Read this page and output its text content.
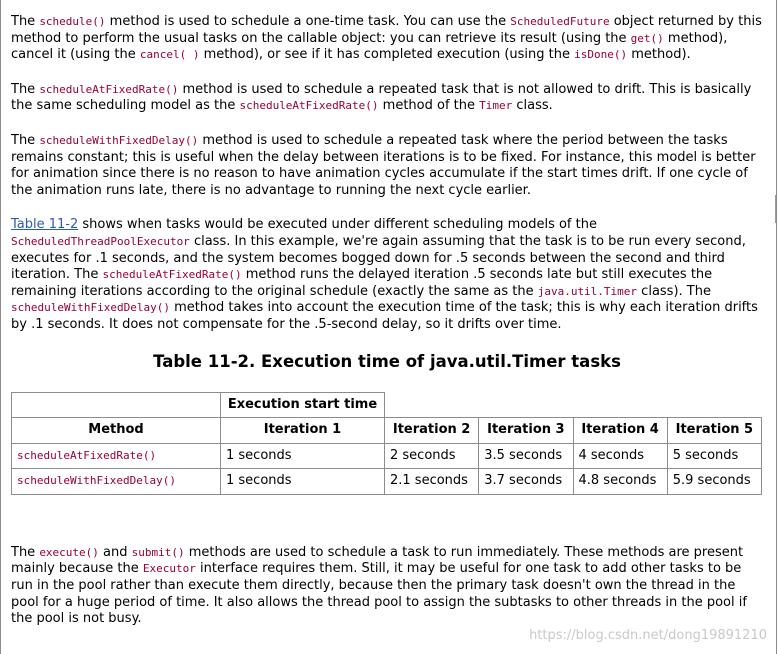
The schedule() method is used to schedule a one-time task. You can use the ScheduledFuture object returned by this method to perform the usual tasks on the callable object: you can retrieve its result (using the get() method), cancel it (using the cancel( ) method), or see if it has completed execution (using the isDone() method).

The scheduleAtFixedRate() method is used to schedule a repeated task that is not allowed to drift. This is basically the same scheduling model as the scheduleAtFixedRate() method of the Timer class.

The scheduleWithFixedDelay() method is used to schedule a repeated task where the period between the tasks remains constant; this is useful when the delay between iterations is to be fixed. For instance, this model is better for animation since there is no reason to have animation cycles accumulate if the start times drift. If one cycle of the animation runs late, there is no advantage to running the next cycle earlier.

Table 11-2 shows when tasks would be executed under different scheduling models of the ScheduledThreadPoolExecutor class. In this example, we're again assuming that the task is to be run every second, executes for .1 seconds, and the system becomes bogged down for .5 seconds between the second and third iteration. The scheduleAtFixedRate() method runs the delayed iteration .5 seconds late but still executes the remaining iterations according to the original schedule (exactly the same as the java.util.Timer class). The scheduleWithFixedDelay() method takes into account the execution time of the task; this is why each iteration drifts by .1 seconds. It does not compensate for the .5-second delay, so it drifts over time.

Table 11-2. Execution time of java.util.Timer tasks
	Execution start time				
Method	Iteration 1	Iteration 2	Iteration 3	Iteration 4	Iteration 5
scheduleAtFixedRate()	1 seconds	2 seconds	3.5 seconds	4 seconds	5 seconds
scheduleWithFixedDelay()	1 seconds	2.1 seconds	3.7 seconds	4.8 seconds	5.9 seconds

The execute() and submit() methods are used to schedule a task to run immediately. These methods are present mainly because the Executor interface requires them. Still, it may be useful for one task to add other tasks to be run in the pool rather than execute them directly, because then the primary task doesn't own the thread in the pool for a huge period of time. It also allows the thread pool to assign the subtasks to other threads in the pool if the pool is not busy.

https://blog.csdn.net/dong19891210
